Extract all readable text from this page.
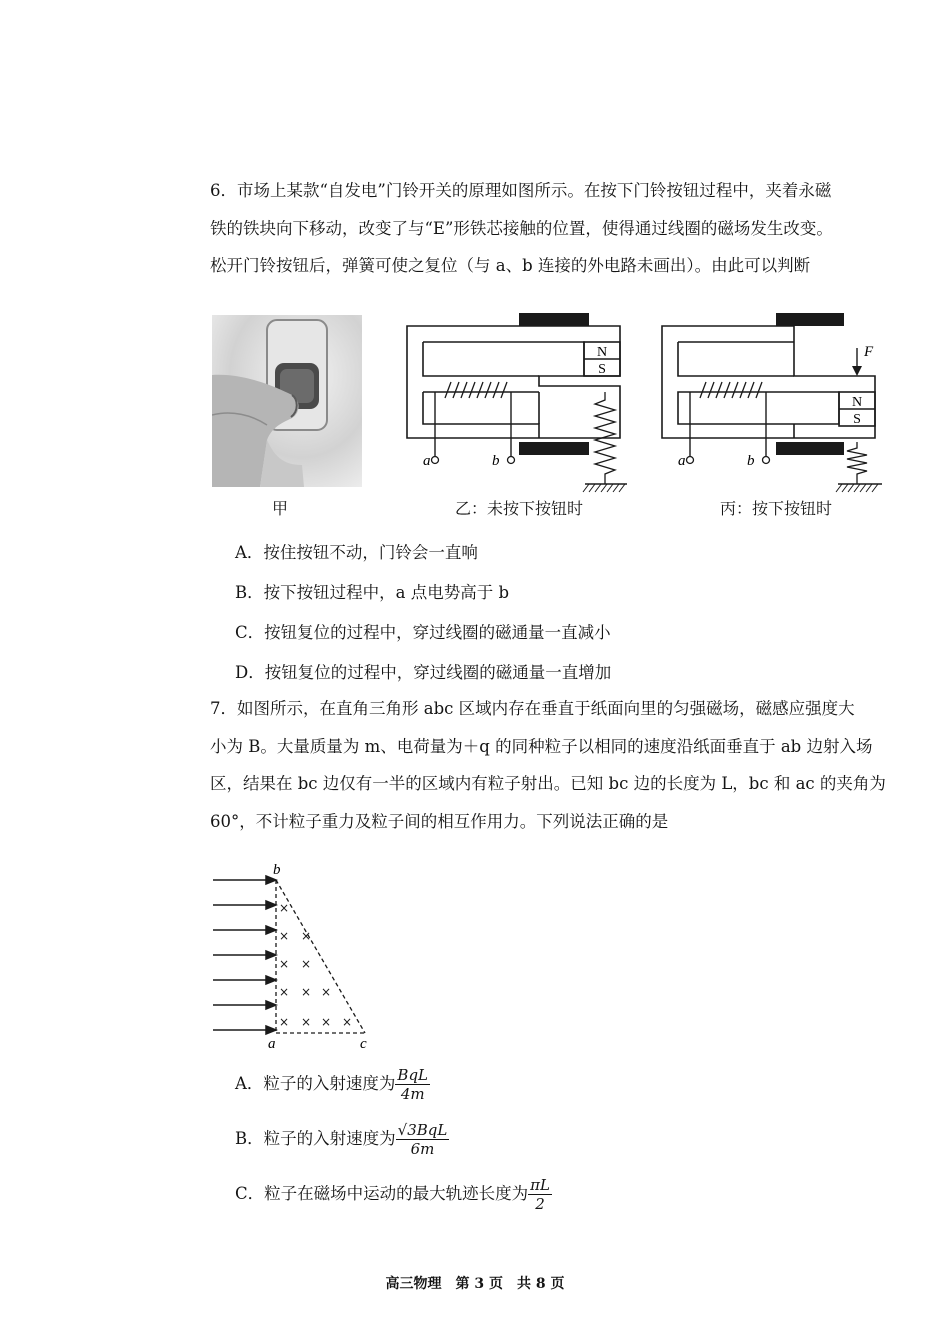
6．市场上某款“自发电”门铃开关的原理如图所示。在按下门铃按钮过程中，夹着永磁
铁的铁块向下移动，改变了与“E”形铁芯接触的位置，使得通过线圈的磁场发生改变。
松开门铃按钮后，弹簧可使之复位（与 a、b 连接的外电路未画出）。由此可以判断
甲
N
S
a	b
乙：未按下按钮时
N
S
F
a	b
丙：按下按钮时
A．按住按钮不动，门铃会一直响
B．按下按钮过程中，a 点电势高于 b
C．按钮复位的过程中，穿过线圈的磁通量一直减小
D．按钮复位的过程中，穿过线圈的磁通量一直增加
7．如图所示，在直角三角形 abc 区域内存在垂直于纸面向里的匀强磁场，磁感应强度大
小为 B。大量质量为 m、电荷量为＋q 的同种粒子以相同的速度沿纸面垂直于 ab 边射入场
区，结果在 bc 边仅有一半的区域内有粒子射出。已知 bc 边的长度为 L，bc 和 ac 的夹角为
60°，不计粒子重力及粒子间的相互作用力。下列说法正确的是
b
a	c
×
× ×
× ×
× × ×
× × × ×
A．粒子的入射速度为 $\frac{\text{BqL}}{4m}$
B．粒子的入射速度为 $\frac{\text{√3BqL}}{6m}$
C．粒子在磁场中运动的最大轨迹长度为 $\frac{\pi L}{2}$
高三物理　第 3 页　共 8 页
